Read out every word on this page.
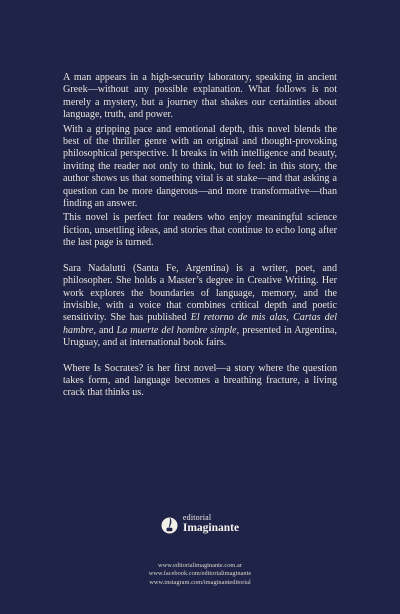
A man appears in a high-security laboratory, speaking in ancient Greek—without any possible explanation. What follows is not merely a mystery, but a journey that shakes our certainties about language, truth, and power.

With a gripping pace and emotional depth, this novel blends the best of the thriller genre with an original and thought-provoking philosophical perspective. It breaks in with intelligence and beauty, inviting the reader not only to think, but to feel: in this story, the author shows us that something vital is at stake—and that asking a question can be more dangerous—and more transformative—than finding an answer.

This novel is perfect for readers who enjoy meaningful science fiction, unsettling ideas, and stories that continue to echo long after the last page is turned.

Sara Nadalutti (Santa Fe, Argentina) is a writer, poet, and philosopher. She holds a Master’s degree in Creative Writing. Her work explores the boundaries of language, memory, and the invisible, with a voice that combines critical depth and poetic sensitivity. She has published El retorno de mis alas, Cartas del hambre, and La muerte del hombre simple, presented in Argentina, Uruguay, and at international book fairs.

Where Is Socrates? is her first novel—a story where the question takes form, and language becomes a breathing fracture, a living crack that thinks us.

editorial
Imaginante
www.editorialimaginante.com.ar
www.facebook.com/editorialimaginante
www.instagram.com/imaginanteditorial
